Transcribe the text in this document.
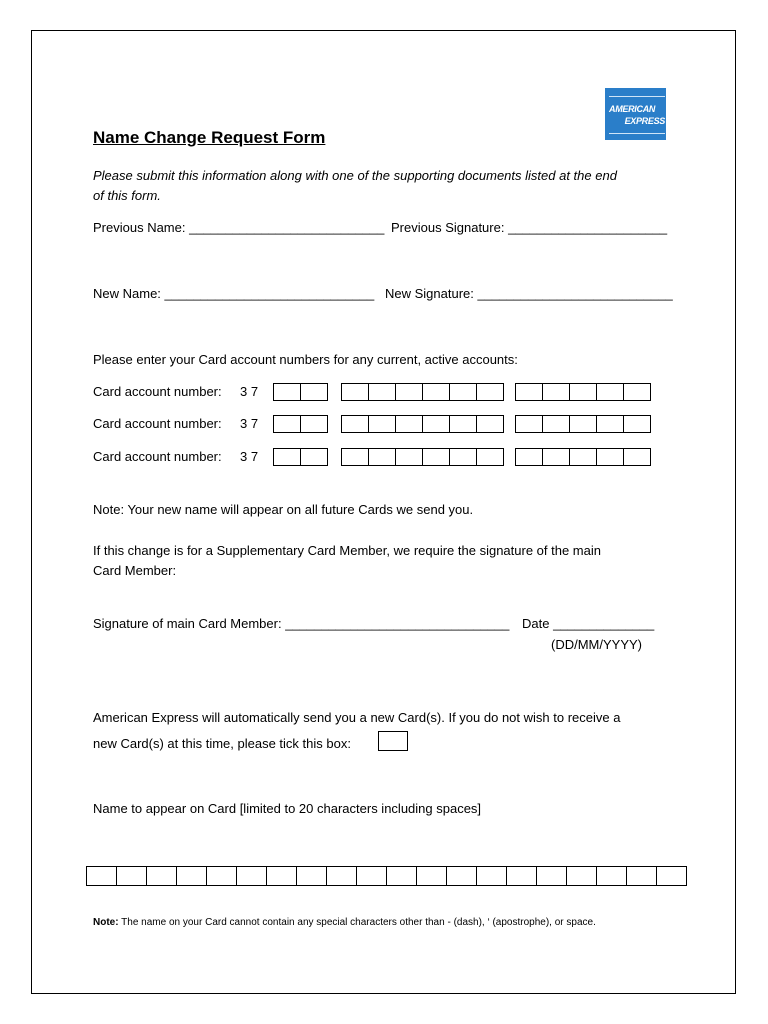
AMERICAN
EXPRESS
Name Change Request Form
Please submit this information along with one of the supporting documents listed at the end
of this form.
Previous Name: ___________________________ Previous Signature: ______________________
New Name: _____________________________ New Signature: ___________________________
Please enter your Card account numbers for any current, active accounts:
Card account number: 3 7
Card account number: 3 7
Card account number: 3 7
Note: Your new name will appear on all future Cards we send you.
If this change is for a Supplementary Card Member, we require the signature of the main
Card Member:
Signature of main Card Member: _______________________________ Date ______________
(DD/MM/YYYY)
American Express will automatically send you a new Card(s). If you do not wish to receive a
new Card(s) at this time, please tick this box:
Name to appear on Card [limited to 20 characters including spaces]
Note: The name on your Card cannot contain any special characters other than - (dash), ‘ (apostrophe), or space.
